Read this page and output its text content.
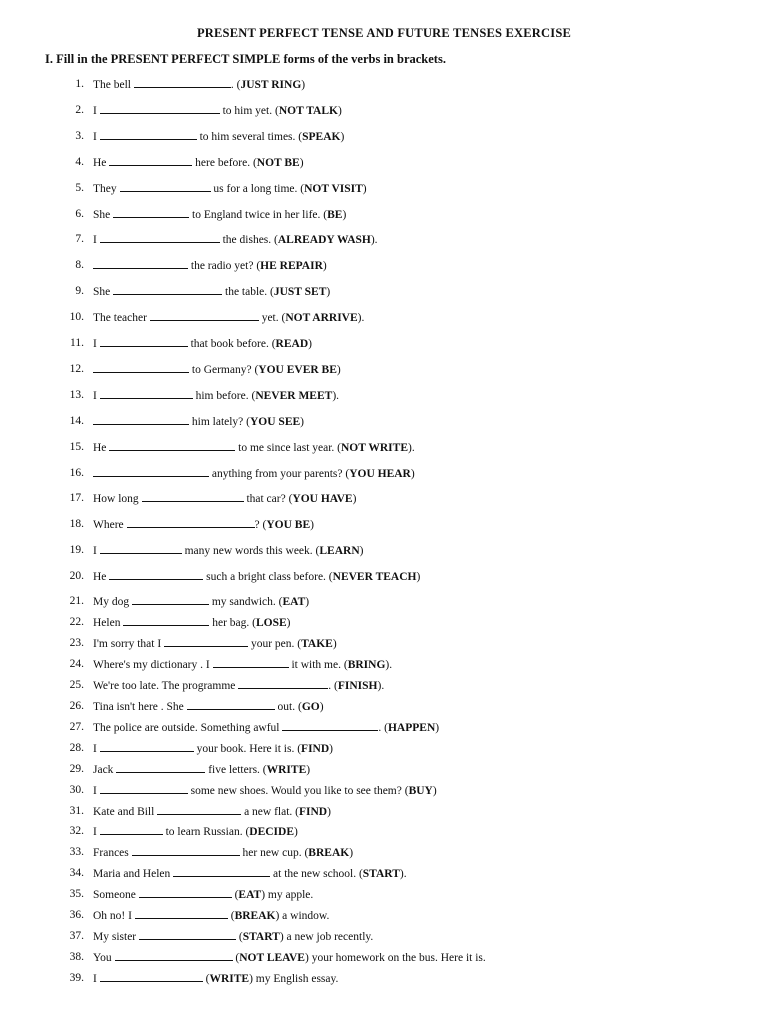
PRESENT PERFECT TENSE AND FUTURE TENSES EXERCISE
I. Fill in the PRESENT PERFECT SIMPLE forms of the verbs in brackets.
1. The bell	. (JUST RING)
2. I	to him yet. (NOT TALK)
3. I	to him several times. (SPEAK)
4. He	here before. (NOT BE)
5. They	us for a long time. (NOT VISIT)
6. She	to England twice in her life. (BE)
7. I	the dishes. (ALREADY WASH).
8.	the radio yet? (HE REPAIR)
9. She	the table. (JUST SET)
10. The teacher	yet. (NOT ARRIVE).
11. I	that book before. (READ)
12.	to Germany? (YOU EVER BE)
13. I	him before. (NEVER MEET).
14.	him lately? (YOU SEE)
15. He	to me since last year. (NOT WRITE).
16.	anything from your parents? (YOU HEAR)
17. How long	that car? (YOU HAVE)
18. Where	? (YOU BE)
19. I	many new words this week. (LEARN)
20. He	such a bright class before. (NEVER TEACH)
21. My dog	my sandwich. (EAT)
22. Helen	her bag. (LOSE)
23. I'm sorry that I	your pen. (TAKE)
24. Where's my dictionary . I	it with me. (BRING).
25. We're too late. The programme	. (FINISH).
26. Tina isn't here . She	out. (GO)
27. The police are outside. Something awful	. (HAPPEN)
28. I	your book. Here it is. (FIND)
29. Jack	five letters. (WRITE)
30. I	some new shoes. Would you like to see them? (BUY)
31. Kate and Bill	a new flat. (FIND)
32. I	to learn Russian. (DECIDE)
33. Frances	her new cup. (BREAK)
34. Maria and Helen	at the new school. (START).
35. Someone	(EAT) my apple.
36. Oh no! I	(BREAK) a window.
37. My sister	(START) a new job recently.
38. You	(NOT LEAVE) your homework on the bus. Here it is.
39. I	(WRITE) my English essay.
